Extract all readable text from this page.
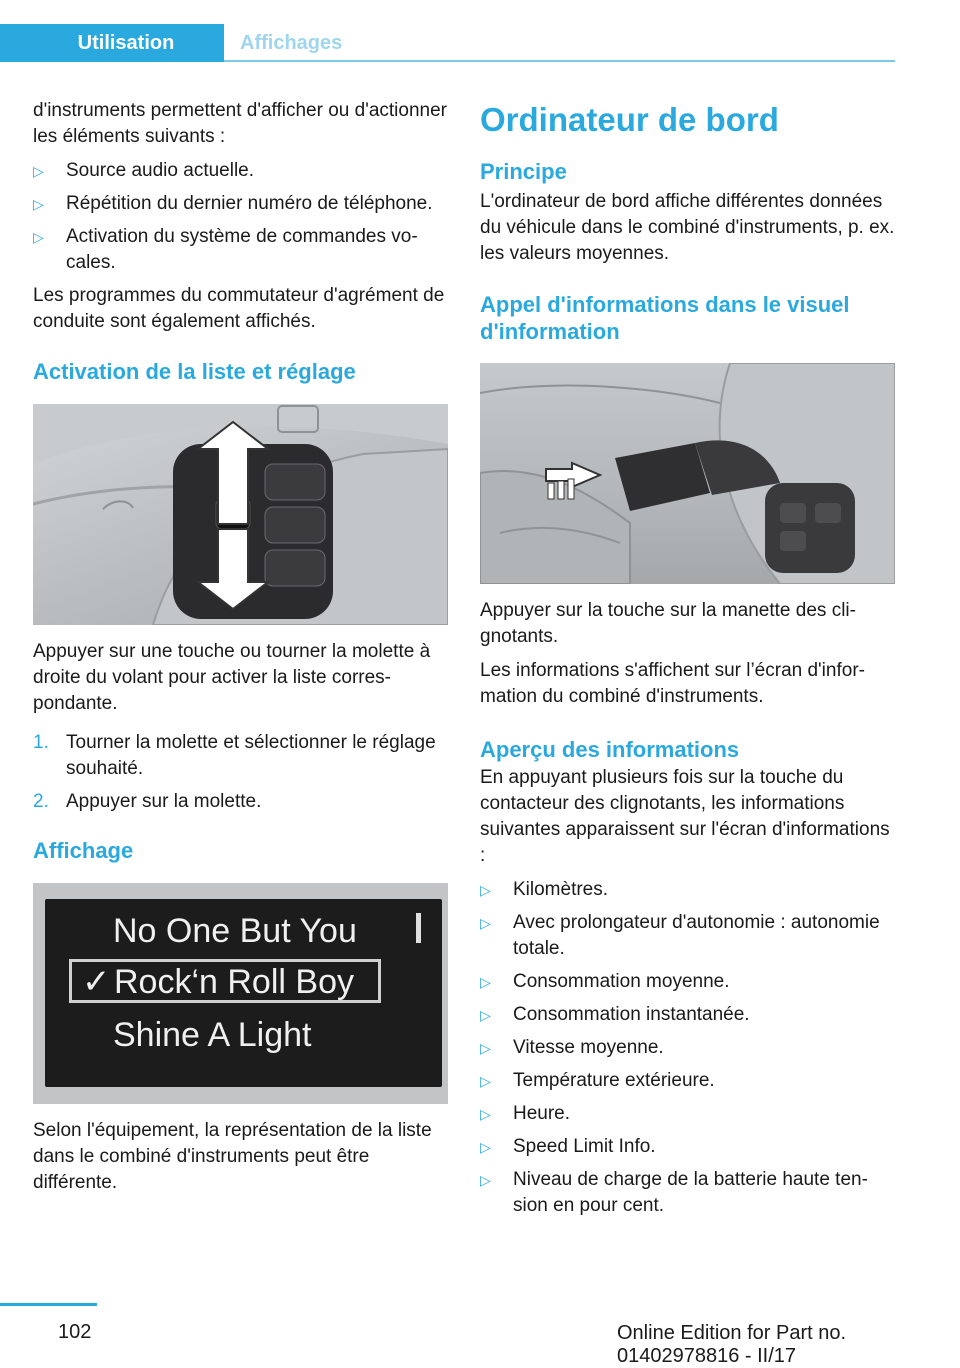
Utilisation	Affichages

d'instruments permettent d'afficher ou d'actionner les éléments suivants :

▷ Source audio actuelle.
▷ Répétition du dernier numéro de téléphone.
▷ Activation du système de commandes vocales.

Les programmes du commutateur d'agrément de conduite sont également affichés.

Activation de la liste et réglage

Appuyer sur une touche ou tourner la molette à droite du volant pour activer la liste correspondante.

1. Tourner la molette et sélectionner le réglage souhaité.
2. Appuyer sur la molette.
Affichage
No One But You
✓ Rock‘n Roll Boy
Shine A Light

Selon l'équipement, la représentation de la liste dans le combiné d'instruments peut être différente.

Ordinateur de bord
Principe

L'ordinateur de bord affiche différentes données du véhicule dans le combiné d'instruments, p. ex. les valeurs moyennes.

Appel d'informations dans le visuel d'information

Appuyer sur la touche sur la manette des clignotants.

Les informations s'affichent sur l’écran d'information du combiné d'instruments.

Aperçu des informations

En appuyant plusieurs fois sur la touche du contacteur des clignotants, les informations suivantes apparaissent sur l'écran d'informations :

▷ Kilomètres.
▷ Avec prolongateur d'autonomie : autonomie totale.
▷ Consommation moyenne.
▷ Consommation instantanée.
▷ Vitesse moyenne.
▷ Température extérieure.
▷ Heure.
▷ Speed Limit Info.
▷ Niveau de charge de la batterie haute tension en pour cent.
102	Online Edition for Part no. 01402978816 - II/17
